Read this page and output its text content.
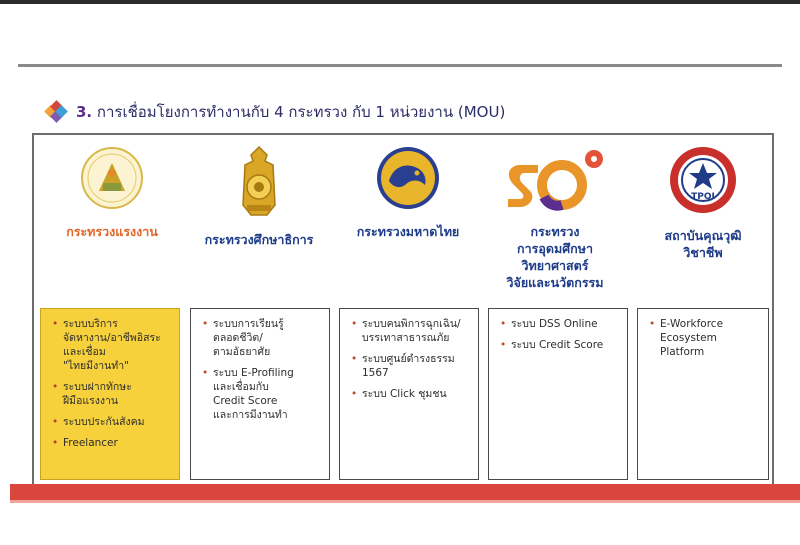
3. การเชื่อมโยงการทำงานกับ 4 กระทรวง กับ 1 หน่วยงาน (MOU)
กระทรวงแรงงาน
กระทรวงศึกษาธิการ
กระทรวงมหาดไทย	กระทรวง
การอุดมศึกษา
วิทยาศาสตร์
วิจัยและนวัตกรรม
TPQI
สถาบันคุณวุฒิ
วิชาชีพ
• ระบบบริการ
จัดหางาน/อาชีพอิสระ
และเชื่อม
"ไทยมีงานทำ"
• ระบบฝากทักษะ
ฝีมือแรงงาน
• ระบบประกันสังคม
• Freelancer
• ระบบการเรียนรู้
ตลอดชีวิต/
ตามอัธยาศัย
• ระบบ E-Profiling
และเชื่อมกับ
Credit Score
และการมีงานทำ
• ระบบคนพิการฉุกเฉิน/
บรรเทาสาธารณภัย
• ระบบศูนย์ดำรงธรรม
1567
• ระบบ Click ชุมชน
• ระบบ DSS Online
• ระบบ Credit Score
• E-Workforce
Ecosystem Platform
